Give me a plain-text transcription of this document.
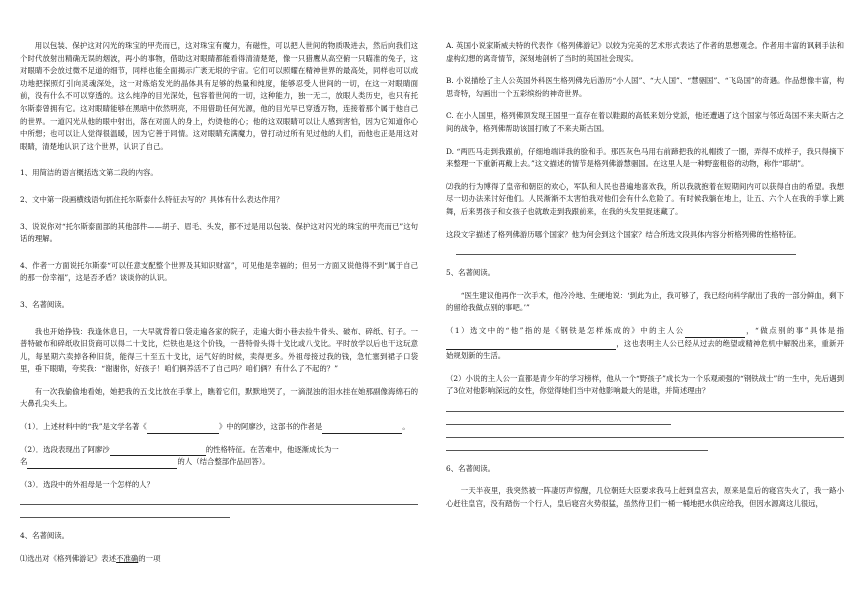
用以包装、保护这对闪光的珠宝的甲壳而已，这对珠宝有魔力，有磁性，可以把人世间的物质吸进去，然后向我们这个时代放射出精确无误的烟波，再小的事物，借助这对眼睛都能看得清清楚楚，像一只猎鹰从高空俯一只瞄准的兔子，这对眼睛不会放过微不足道的细节，同样也能全面揭示广袤无垠的宇宙。它们可以照耀在精神世界的最高处，同样也可以成功地把探照灯引向灵魂深处，这一对炼焰发光的晶体具有足够的热量和纯度，能够忍受人世间的一切，在这一对眼睛面前，没有什么不可以穿透的。这么纯净的目光深处，包容着世间的一切，这种能力，独一无二，放眼人类历史，也只有托尔斯泰曾拥有它。这对眼睛能够在黑暗中依然明亮，不用借助任何光源，他的目光早已穿透万物，连接着那个属于他自己的世界。一道闪光从他的眼中射出，落在对面人的身上，灼烫他的心；他的这双眼睛可以让人感到害怕，因为它知道你心中所想；也可以让人觉得很温暖，因为它善于同情。这对眼睛充满魔力，曾打动过所有见过他的人们，而他也正是用这对眼睛，清楚地认识了这个世界，认识了自己。

1、用简洁的语言概括选文第二段的内容。

2、文中第一段画横线语句抓住托尔斯泰什么特征去写的？具体有什么表达作用？

3、说说你对“托尔斯泰面部的其他部件——胡子、眉毛、头发，都不过是用以包装、保护这对闪光的珠宝的甲壳而已”这句话的理解。

4、作者一方面说托尔斯泰“可以任意支配整个世界及其知识财富”，可见他是幸福的；但另一方面又说他得不到“属于自己的那一份幸福”，这是否矛盾？谈谈你的认识。

3、名著阅读。

我也开始挣钱：我逢休息日，一大早就背着口袋走遍各家的院子，走遍大街小巷去捡牛骨头、破布、碎纸、钉子。一普特破布和碎纸收旧货商可以得二十戈比，烂铁也是这个价钱，一普特骨头得十戈比或八戈比。平时放学以后也干这玩意儿，每星期六卖掉各种旧货，能得三十至五十戈比，运气好的时候，卖得更多。外祖母接过我的钱，急忙塞到裙子口袋里，垂下眼睛，夸奖我：“谢谢你，好孩子！咱们俩养活不了自己吗？咱们俩？有什么了不起的？”

有一次我偷偷地看她，她把我的五戈比放在手掌上，瞧着它们，默默地哭了，一滴混浊的泪水挂在她那副像海绵石的大鼻孔尖头上。

（1）．上述材料中的“我”是文学名著《	》中的阿廖沙，这部书的作者是	。

（2）．选段表现出了阿廖沙	的性格特征。在苦难中，他逐渐成长为一
名	的人（结合整部作品回答）。

（3）．选段中的外祖母是一个怎样的人？

4、名著阅读。

⑴选出对《格列佛游记》表述不准确的一项

A. 英国小说家斯威夫特的代表作《格列佛游记》以较为完美的艺术形式表达了作者的思想观念。作者用丰富的讽刺手法和虚构幻想的离奇情节，深刻地剖析了当时的英国社会现实。

B. 小说描绘了主人公英国外科医生格列佛先后游历“小人国”、“大人国”、“慧骃国”、“飞岛国”的奇遇。作品想像丰富，构思奇特，勾画出一个五彩缤纷的神奇世界。

C. 在小人国里，格列佛顶发现王国里一直存在着以鞋跟的高低来划分党派，他还遭遇了这个国家与邻近岛国不来夫斯古之间的战争，格列佛帮助该国打败了不来夫斯古国。

D. “两匹马走到我跟前，仔细地端详我的脸和手。那匹灰色马用右前蹄把我的礼帽拨了一圈，弄得不成样子，我只得摘下来整理一下重新再戴上去。”这文描述的情节是格列佛游慧骃国。在这里人是一种野蛮粗俗的动物，称作“耶胡”。

⑵我的行为博得了皇帝和朝臣的欢心，军队和人民也普遍地喜欢我，所以我就抱着在短期间内可以获得自由的希望。我想尽一切办法来讨好他们。人民渐渐不太害怕我对他们会有什么危险了。有时候我躺在地上，让五、六个人在我的手掌上跳舞，后来男孩子和女孩子也就敢走到我跟前来，在我的头发里捉迷藏了。

这段文字描述了格列佛游历哪个国家？他为何会到这个国家？结合所选文段具体内容分析格列佛的性格特征。

5、名著阅读。

“医生建议他再作一次手术，他冷冷地、生硬地说：‘到此为止，我可够了，我已经向科学献出了我的一部分鲜血，剩下的留给我做点别的事吧。’”

（1）选文中的“他”指的是《钢铁是怎样炼成的》中的主人公	，“做点别的事”具体是指，这也表明主人公已经从过去的绝望或精神危机中解脱出来，重新开始规划新的生活。

（2）小说的主人公一直都是青少年的学习榜样，他从一个“野孩子”成长为一个乐观顽强的“钢铁战士”的一生中，先后遇到了3位对他影响深远的女性，你觉得她们当中对他影响最大的是谁，并简述理由？

6、名著阅读。

一天半夜里，我突然被一阵凄厉声惊醒，几位朝廷大臣要求我马上赶到皇宫去，原来是皇后的寝宫失火了，我一路小心赶往皇宫，没有踏伤一个行人，皇后寝宫火势很猛，虽然侍卫们一桶一桶地把水供应给我，但因水源离这儿很远，
